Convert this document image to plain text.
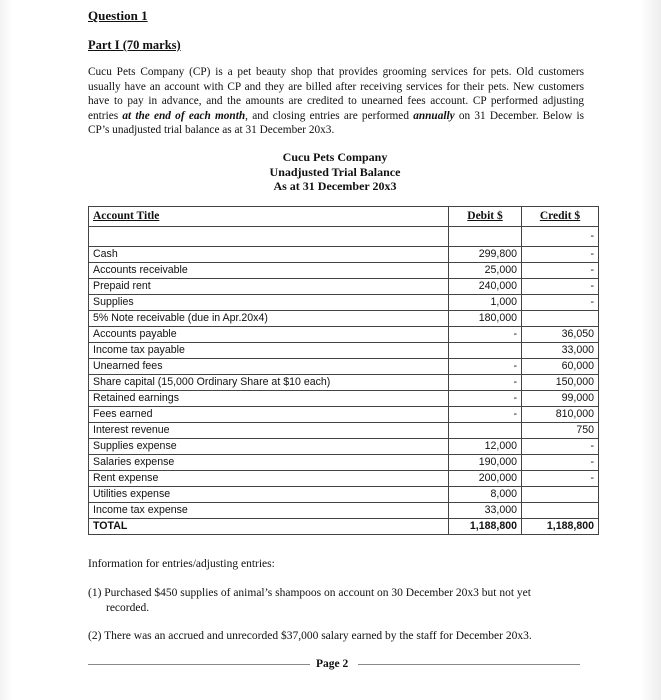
Question 1
Part I (70 marks)
Cucu Pets Company (CP) is a pet beauty shop that provides grooming services for pets. Old customers usually have an account with CP and they are billed after receiving services for their pets. New customers have to pay in advance, and the amounts are credited to unearned fees account. CP performed adjusting entries at the end of each month, and closing entries are performed annually on 31 December. Below is CP’s unadjusted trial balance as at 31 December 20x3.
Cucu Pets Company
Unadjusted Trial Balance
As at 31 December 20x3
Account Title	Debit $	Credit $
		-
Cash	299,800	-
Accounts receivable	25,000	-
Prepaid rent	240,000	-
Supplies	1,000	-
5% Note receivable (due in Apr.20x4)	180,000	
Accounts payable	-	36,050
Income tax payable		33,000
Unearned fees	-	60,000
Share capital (15,000 Ordinary Share at $10 each)	-	150,000
Retained earnings	-	99,000
Fees earned	-	810,000
Interest revenue		750
Supplies expense	12,000	-
Salaries expense	190,000	-
Rent expense	200,000	-
Utilities expense	8,000	
Income tax expense	33,000	
TOTAL	1,188,800	1,188,800
Information for entries/adjusting entries:
(1) Purchased $450 supplies of animal’s shampoos on account on 30 December 20x3 but not yet
recorded.
(2) There was an accrued and unrecorded $37,000 salary earned by the staff for December 20x3.
Page 2
